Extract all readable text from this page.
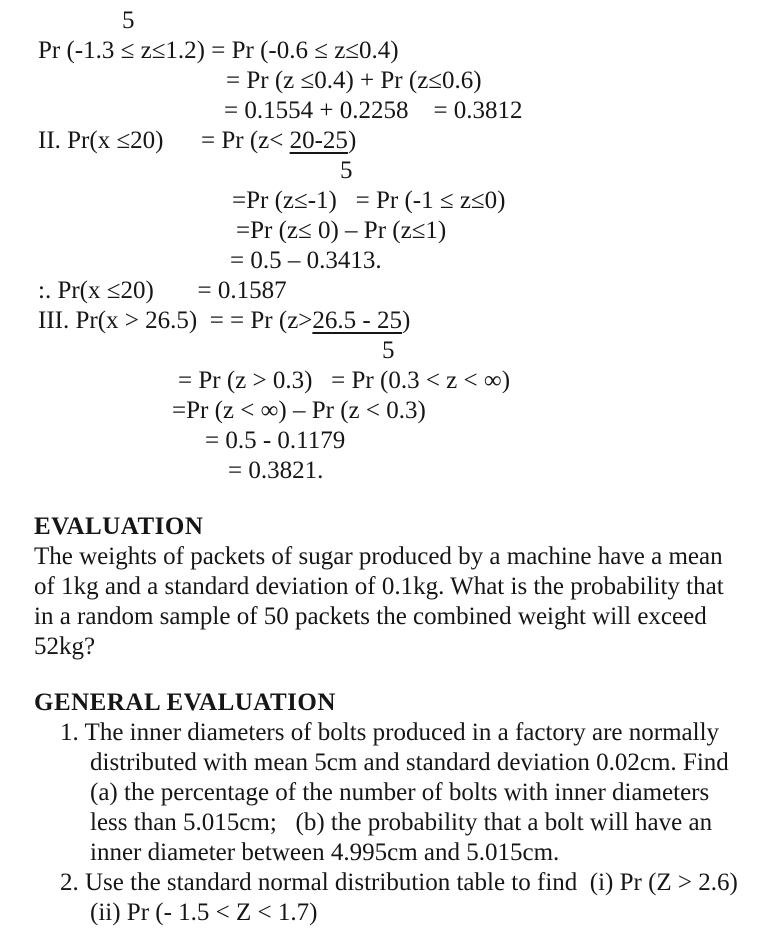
5
Pr (-1.3 ≤ z≤1.2) = Pr (-0.6 ≤ z≤0.4)
= Pr (z ≤0.4) + Pr (z≤0.6)
= 0.1554 + 0.2258    = 0.3812
II. Pr(x ≤20)      = Pr (z< 20-25)
5
=Pr (z≤-1)   = Pr (-1 ≤ z≤0)
=Pr (z≤ 0) – Pr (z≤1)
= 0.5 – 0.3413.
:. Pr(x ≤20)       = 0.1587
III. Pr(x > 26.5)  = = Pr (z>26.5 - 25)
5
= Pr (z > 0.3)   = Pr (0.3 < z < ∞)
=Pr (z < ∞) – Pr (z < 0.3)
= 0.5 - 0.1179
= 0.3821.
EVALUATION
The weights of packets of sugar produced by a machine have a mean
of 1kg and a standard deviation of 0.1kg. What is the probability that
in a random sample of 50 packets the combined weight will exceed
52kg?
GENERAL EVALUATION
1. The inner diameters of bolts produced in a factory are normally
distributed with mean 5cm and standard deviation 0.02cm. Find
(a) the percentage of the number of bolts with inner diameters
less than 5.015cm;   (b) the probability that a bolt will have an
inner diameter between 4.995cm and 5.015cm.
2. Use the standard normal distribution table to find  (i) Pr (Z > 2.6)
(ii) Pr (- 1.5 < Z < 1.7)
